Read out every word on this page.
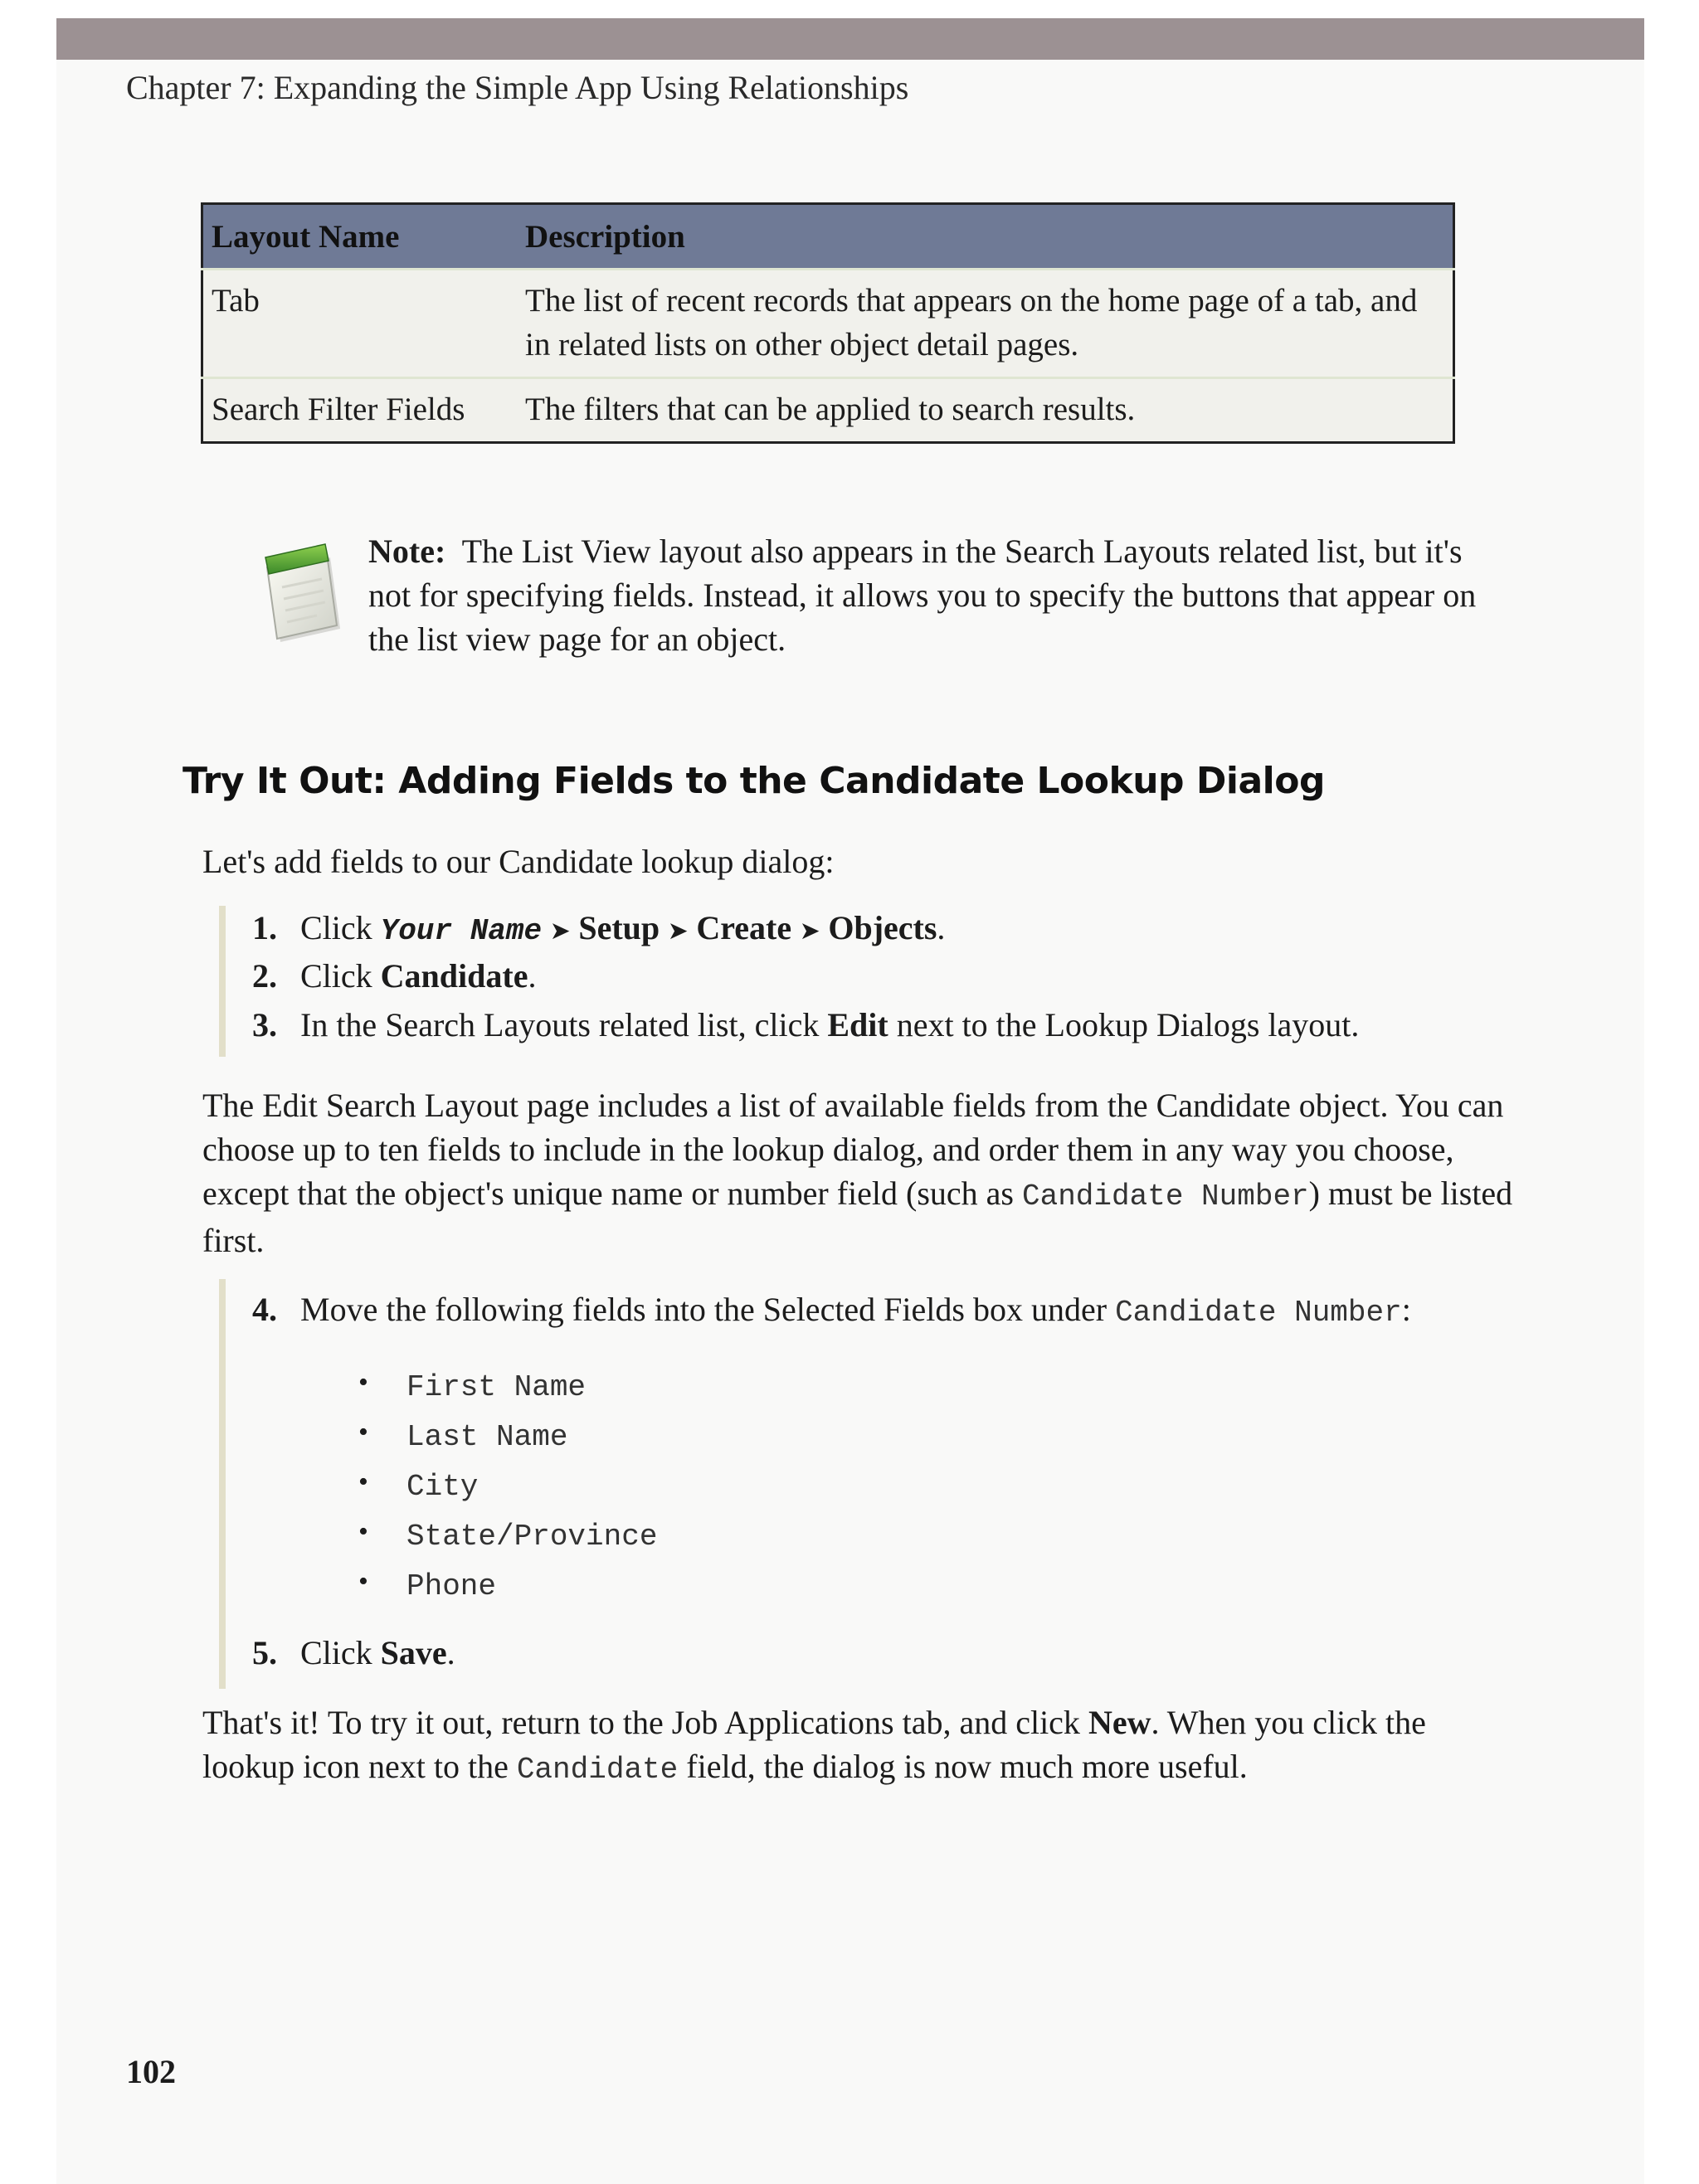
Chapter 7: Expanding the Simple App Using Relationships
Layout Name	Description
Tab	The list of recent records that appears on the home page of a tab, and in related lists on other object detail pages.
Search Filter Fields	The filters that can be applied to search results.
Note: The List View layout also appears in the Search Layouts related list, but it's not for specifying fields. Instead, it allows you to specify the buttons that appear on the list view page for an object.
Try It Out: Adding Fields to the Candidate Lookup Dialog
Let's add fields to our Candidate lookup dialog:
1. Click Your Name ➤ Setup ➤ Create ➤ Objects.
2. Click Candidate.
3. In the Search Layouts related list, click Edit next to the Lookup Dialogs layout.
The Edit Search Layout page includes a list of available fields from the Candidate object. You can choose up to ten fields to include in the lookup dialog, and order them in any way you choose, except that the object's unique name or number field (such as Candidate Number) must be listed first.
4. Move the following fields into the Selected Fields box under Candidate Number:
• First Name
• Last Name
• City
• State/Province
• Phone
5. Click Save.
That's it! To try it out, return to the Job Applications tab, and click New. When you click the lookup icon next to the Candidate field, the dialog is now much more useful.
102
